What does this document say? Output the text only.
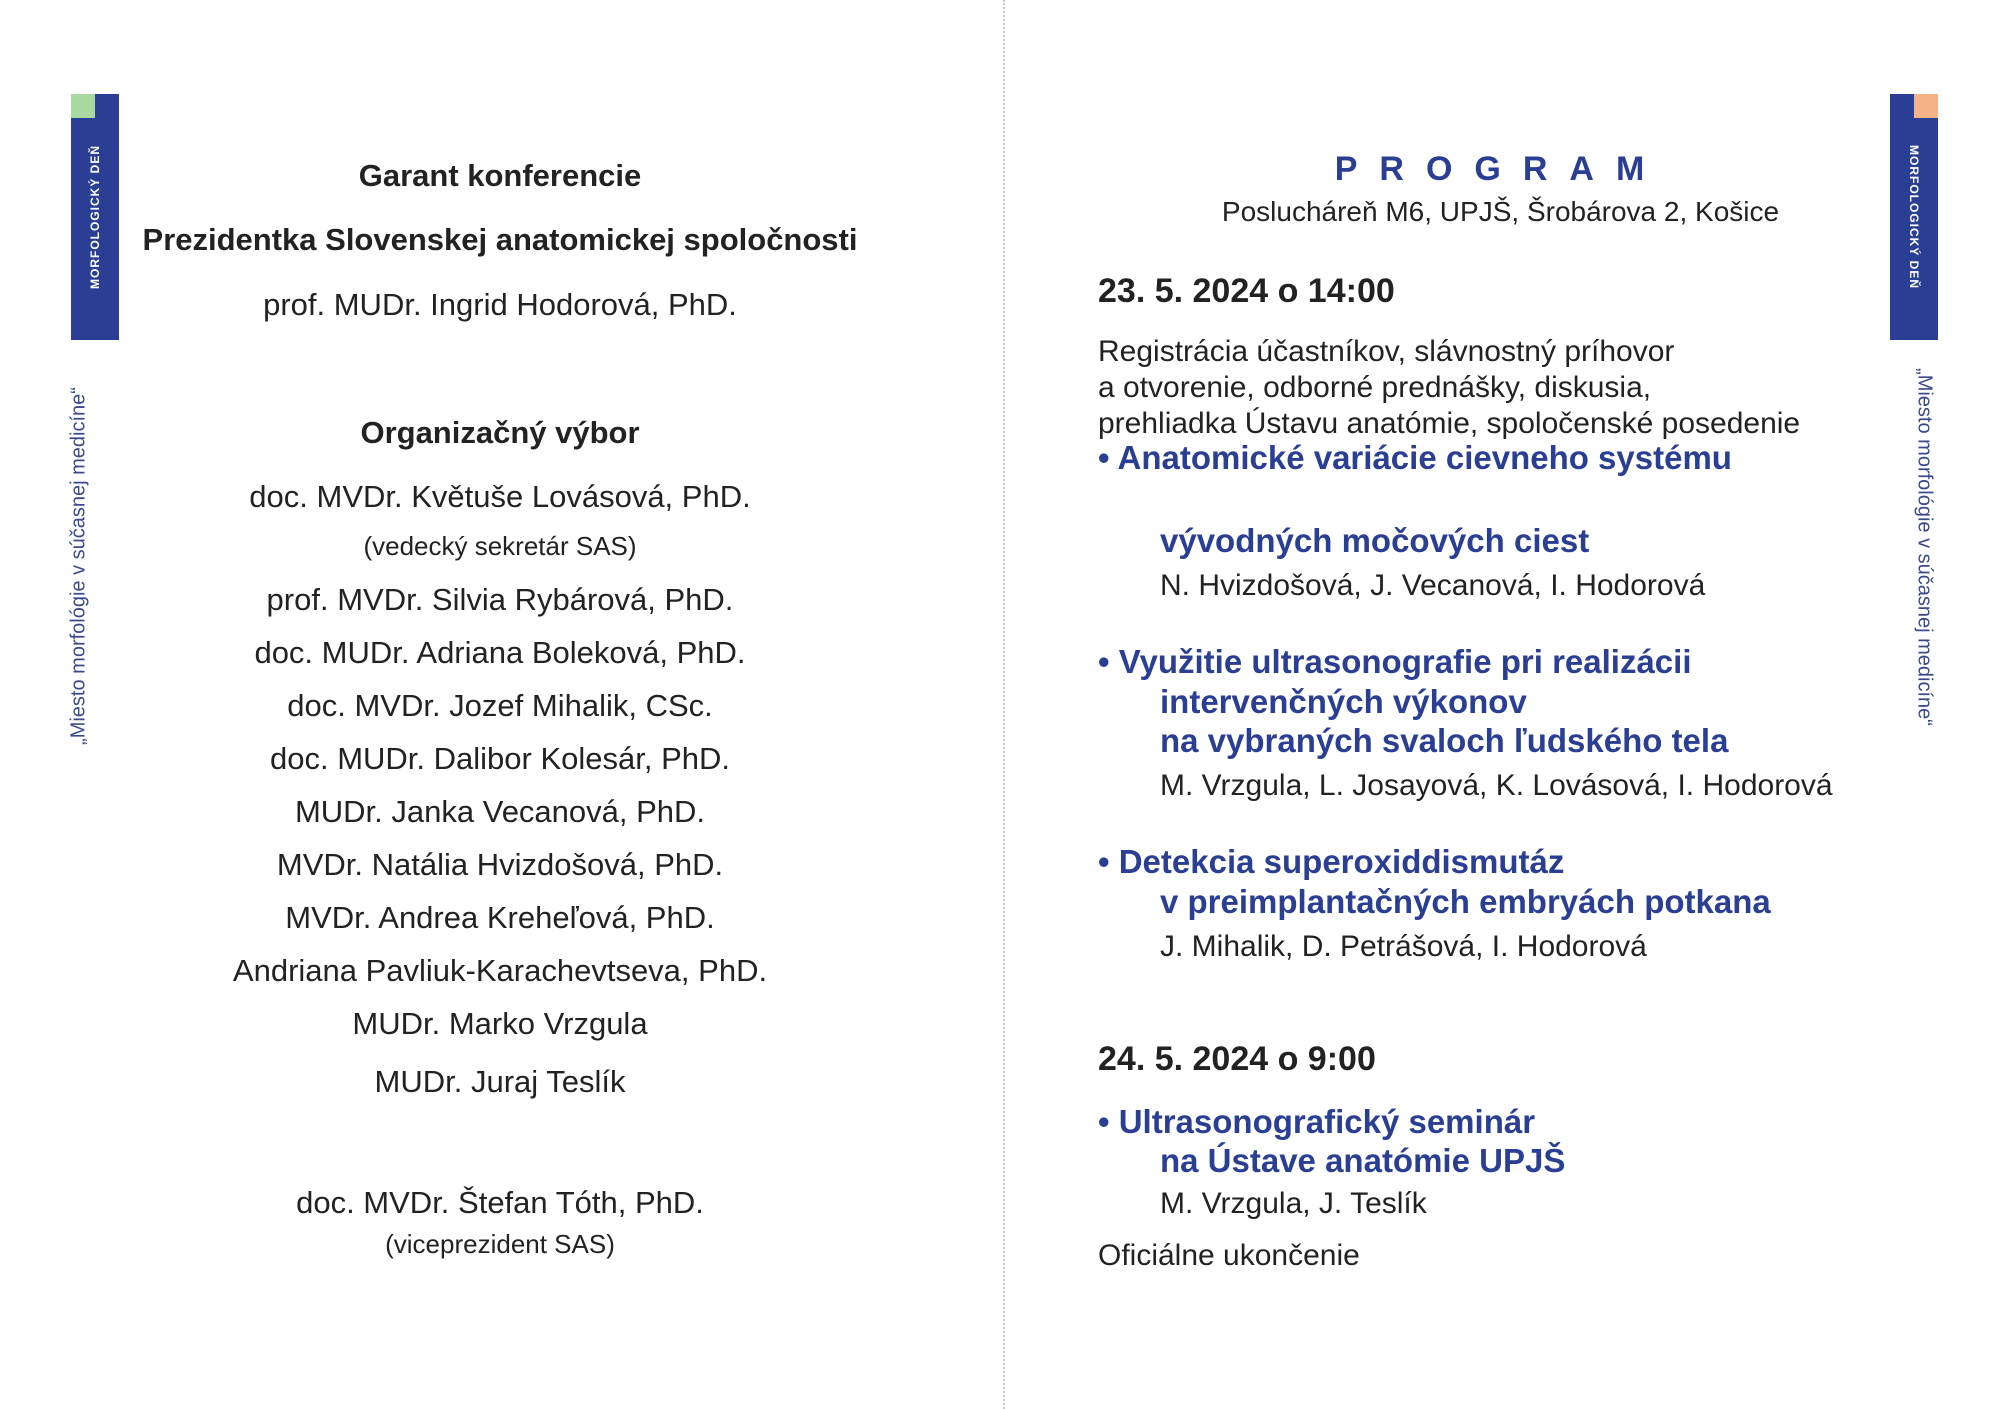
MORFOLOGICKÝ DEŇ
„Miesto morfológie v súčasnej medicíne“
MORFOLOGICKÝ DEŇ
„Miesto morfológie v súčasnej medicíne“
Garant konferencie
Prezidentka Slovenskej anatomickej spoločnosti
prof. MUDr. Ingrid Hodorová, PhD.
Organizačný výbor
doc. MVDr. Květuše Lovásová, PhD.
(vedecký sekretár SAS)
prof. MVDr. Silvia Rybárová, PhD.
doc. MUDr. Adriana Boleková, PhD.
doc. MVDr. Jozef Mihalik, CSc.
doc. MUDr. Dalibor Kolesár, PhD.
MUDr. Janka Vecanová, PhD.
MVDr. Natália Hvizdošová, PhD.
MVDr. Andrea Kreheľová, PhD.
Andriana Pavliuk-Karachevtseva, PhD.
MUDr. Marko Vrzgula
MUDr. Juraj Teslík
doc. MVDr. Štefan Tóth, PhD.
(viceprezident SAS)
PROGRAM
Poslucháreň M6, UPJŠ, Šrobárova 2, Košice
23. 5. 2024 o 14:00
Registrácia účastníkov, slávnostný príhovor
a otvorenie, odborné prednášky, diskusia,
prehliadka Ústavu anatómie, spoločenské posedenie
• Anatomické variácie cievneho systému
vývodných močových ciest
N. Hvizdošová, J. Vecanová, I. Hodorová
• Využitie ultrasonografie pri realizácii
intervenčných výkonov
na vybraných svaloch ľudského tela
M. Vrzgula, L. Josayová, K. Lovásová, I. Hodorová
• Detekcia superoxiddismutáz
v preimplantačných embryách potkana
J. Mihalik, D. Petrášová, I. Hodorová
24. 5. 2024 o 9:00
• Ultrasonografický seminár
na Ústave anatómie UPJŠ
M. Vrzgula, J. Teslík
Oficiálne ukončenie
